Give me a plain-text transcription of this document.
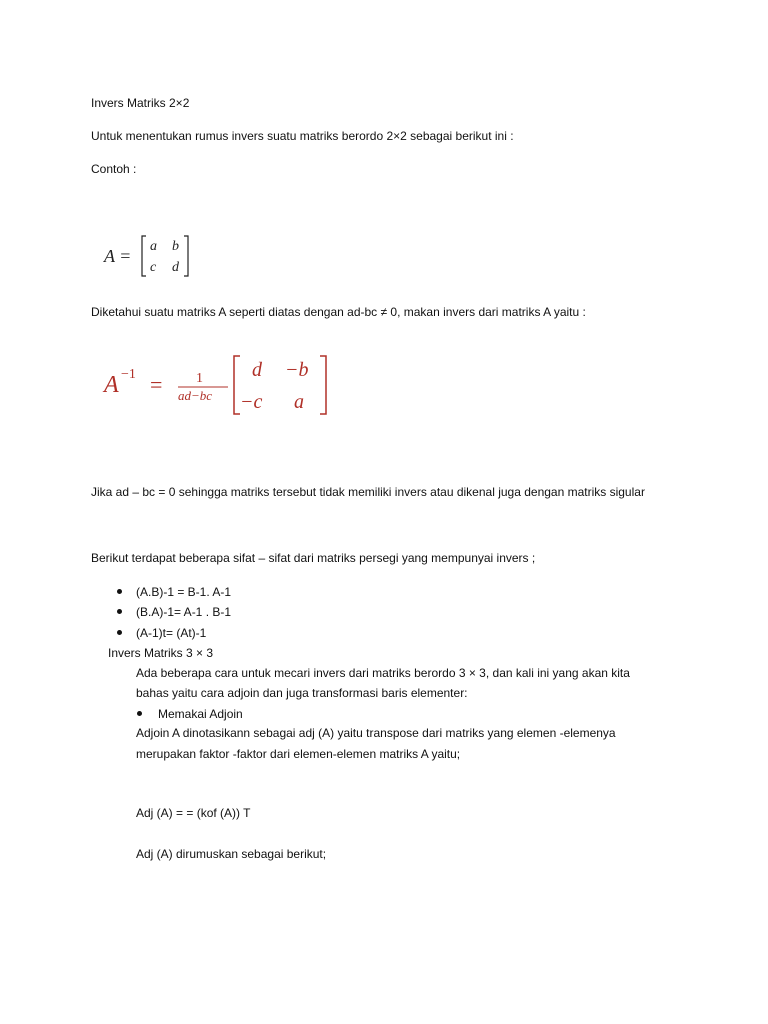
Invers Matriks 2×2

Untuk menentukan rumus invers suatu matriks berordo 2×2 sebagai berikut ini :

Contoh :

A = a b
c d

Diketahui suatu matriks A seperti diatas dengan ad-bc ≠ 0, makan invers dari matriks A yaitu :

A −1 = 1
ad−bc
d −b
−c a

Jika ad – bc = 0 sehingga matriks tersebut tidak memiliki invers atau dikenal juga dengan matriks sigular

Berikut terdapat beberapa sifat – sifat dari matriks persegi yang mempunyai invers ;

(A.B)-1 = B-1. A-1

(B.A)-1= A-1 . B-1

(A-1)t= (At)-1

Invers Matriks 3 × 3

Ada beberapa cara untuk mecari invers dari matriks berordo 3 × 3, dan kali ini yang akan kita

bahas yaitu cara adjoin dan juga transformasi baris elementer:

Memakai Adjoin

Adjoin A dinotasikann sebagai adj (A) yaitu transpose dari matriks yang elemen -elemenya

merupakan faktor -faktor dari elemen-elemen matriks A yaitu;

Adj (A) = = (kof (A)) T

Adj (A) dirumuskan sebagai berikut;
